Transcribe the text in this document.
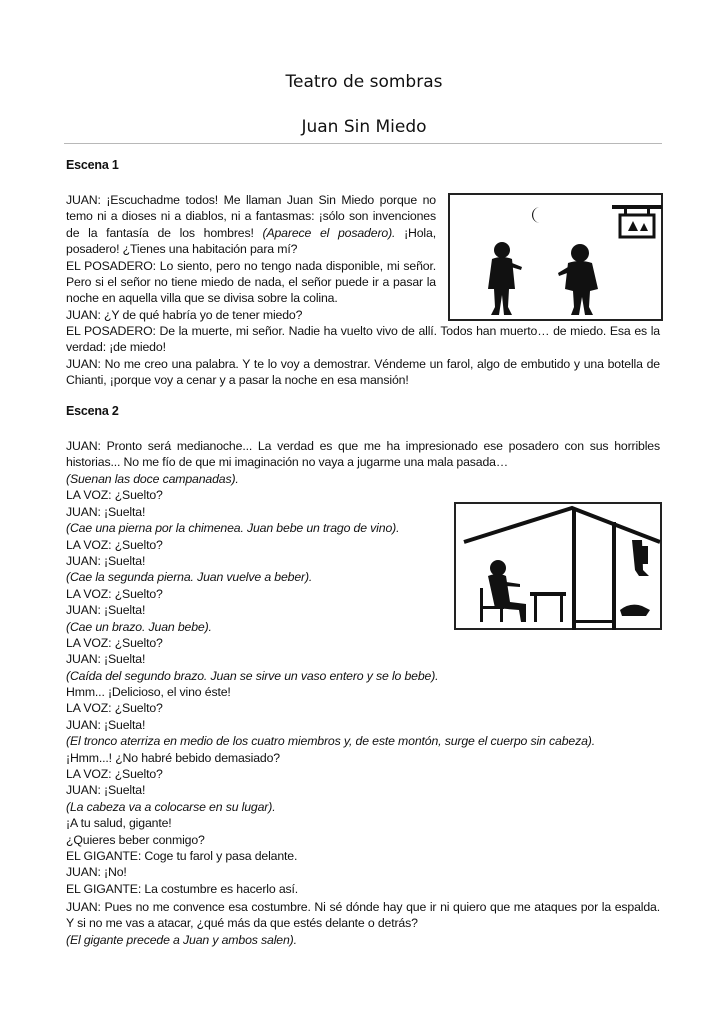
Teatro de sombras
Juan Sin Miedo
Escena 1
JUAN: ¡Escuchadme todos! Me llaman Juan Sin Miedo porque no temo ni a dioses ni a diablos, ni a fantasmas: ¡sólo son invenciones de la fantasía de los hombres! (Aparece el posadero). ¡Hola, posadero! ¿Tienes una habitación para mí?
EL POSADERO: Lo siento, pero no tengo nada disponible, mi señor. Pero si el señor no tiene miedo de nada, el señor puede ir a pasar la noche en aquella villa que se divisa sobre la colina.
JUAN: ¿Y de qué habría yo de tener miedo?
EL POSADERO: De la muerte, mi señor. Nadie ha vuelto vivo de allí. Todos han muerto… de miedo. Esa es la verdad: ¡de miedo!
JUAN: No me creo una palabra. Y te lo voy a demostrar. Véndeme un farol, algo de embutido y una botella de Chianti, ¡porque voy a cenar y a pasar la noche en esa mansión!
Escena 2
JUAN: Pronto será medianoche... La verdad es que me ha impresionado ese posadero con sus horribles historias... No me fío de que mi imaginación no vaya a jugarme una mala pasada…
(Suenan las doce campanadas).
LA VOZ: ¿Suelto?
JUAN: ¡Suelta!
(Cae una pierna por la chimenea. Juan bebe un trago de vino).
LA VOZ: ¿Suelto?
JUAN: ¡Suelta!
(Cae la segunda pierna. Juan vuelve a beber).
LA VOZ: ¿Suelto?
JUAN: ¡Suelta!
(Cae un brazo. Juan bebe).
LA VOZ: ¿Suelto?
JUAN: ¡Suelta!
(Caída del segundo brazo. Juan se sirve un vaso entero y se lo bebe).
Hmm... ¡Delicioso, el vino éste!
LA VOZ: ¿Suelto?
JUAN: ¡Suelta!
(El tronco aterriza en medio de los cuatro miembros y, de este montón, surge el cuerpo sin cabeza).
¡Hmm...! ¿No habré bebido demasiado?
LA VOZ: ¿Suelto?
JUAN: ¡Suelta!
(La cabeza va a colocarse en su lugar).
¡A tu salud, gigante!
¿Quieres beber conmigo?
EL GIGANTE: Coge tu farol y pasa delante.
JUAN: ¡No!
EL GIGANTE: La costumbre es hacerlo así.
JUAN: Pues no me convence esa costumbre. Ni sé dónde hay que ir ni quiero que me ataques por la espalda. Y si no me vas a atacar, ¿qué más da que estés delante o detrás?
(El gigante precede a Juan y ambos salen).
